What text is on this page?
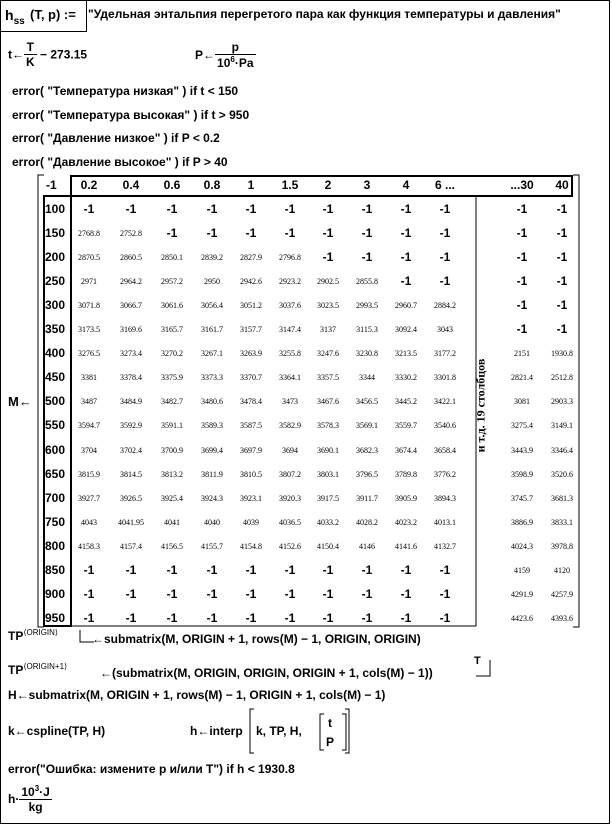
$h_{ss}$ (T, p) := "Удельная энтальпия перегретого пара как функция температуры и давления"
t← $\frac{T}{K} - 273.15$	P← $\frac{p}{10^6\cdot Pa}$
error( "Температура низкая" ) if t < 150
error( "Температура высокая" ) if t > 950
error( "Давление низкое" ) if P < 0.2
error( "Давление высокое" ) if P > 40
M←
-1	0.2	0.4	0.6	0.8	1	1.5	2	3	4	6 ...	...30	40
100	-1	-1	-1	-1	-1	-1	-1	-1	-1	-1	-1	-1
150	2768.8	2752.8	-1	-1	-1	-1	-1	-1	-1	-1	-1	-1
200	2870.5	2860.5	2850.1	2839.2	2827.9	2796.8	-1	-1	-1	-1	-1	-1
250	2971	2964.2	2957.2	2950	2942.6	2923.2	2902.5	2855.8	-1	-1	-1	-1
300	3071.8	3066.7	3061.6	3056.4	3051.2	3037.6	3023.5	2993.5	2960.7	2884.2	-1	-1
350	3173.5	3169.6	3165.7	3161.7	3157.7	3147.4	3137	3115.3	3092.4	3043	-1	-1
400	3276.5	3273.4	3270.2	3267.1	3263.9	3255.8	3247.6	3230.8	3213.5	3177.2	2151	1930.8
450	3381	3378.4	3375.9	3373.3	3370.7	3364.1	3357.5	3344	3330.2	3301.8	2821.4	2512.8
500	3487	3484.9	3482.7	3480.6	3478.4	3473	3467.6	3456.5	3445.2	3422.1	3081	2903.3
550	3594.7	3592.9	3591.1	3589.3	3587.5	3582.9	3578.3	3569.1	3559.7	3540.6	3275.4	3149.1
600	3704	3702.4	3700.9	3699.4	3697.9	3694	3690.1	3682.3	3674.4	3658.4	3443.9	3346.4
650	3815.9	3814.5	3813.2	3811.9	3810.5	3807.2	3803.1	3796.5	3789.8	3776.2	3598.9	3520.6
700	3927.7	3926.5	3925.4	3924.3	3923.1	3920.3	3917.5	3911.7	3905.9	3894.3	3745.7	3681.3
750	4043	4041.95	4041	4040	4039	4036.5	4033.2	4028.2	4023.2	4013.1	3886.9	3833.1
800	4158.3	4157.4	4156.5	4155.7	4154.8	4152.6	4150.4	4146	4141.6	4132.7	4024.3	3978.8
850	-1	-1	-1	-1	-1	-1	-1	-1	-1	-1	4159	4120
900	-1	-1	-1	-1	-1	-1	-1	-1	-1	-1	4291.9	4257.9
950	-1	-1	-1	-1	-1	-1	-1	-1	-1	-1	4423.6	4393.6
и т.д. 19 столбцов
$TP^{⟨ORIGIN⟩}$	←submatrix(M, ORIGIN + 1, rows(M) − 1, ORIGIN, ORIGIN)
$TP^{⟨ORIGIN+1⟩}$	←(submatrix(M, ORIGIN, ORIGIN, ORIGIN + 1, cols(M) − 1))
T
H←submatrix(M, ORIGIN + 1, rows(M) − 1, ORIGIN + 1, cols(M) − 1)
k←cspline(TP, H)	h←interp k, TP, H,
t
P
error("Ошибка: измените р и/или Т") if h < 1930.8
$h\cdot \frac{10^3\cdot J}{kg}$
